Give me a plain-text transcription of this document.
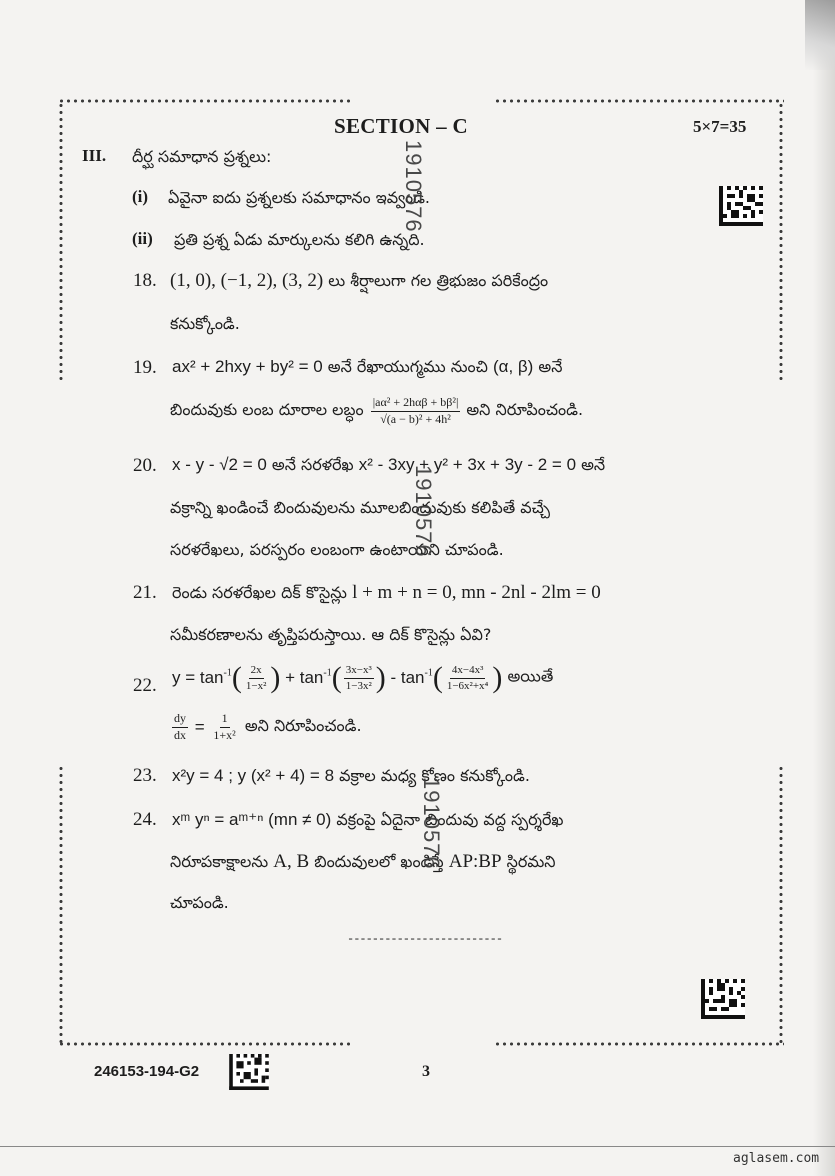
SECTION – C	5×7=35
III. దీర్ఘ సమాధాన ప్రశ్నలు:
(i) ఏవైనా ఐదు ప్రశ్నలకు సమాధానం ఇవ్వండి.
(ii) ప్రతి ప్రశ్న ఏడు మార్కులను కలిగి ఉన్నది.
18. (1, 0), (−1, 2), (3, 2) లు శీర్షాలుగా గల త్రిభుజం పరికేంద్రం
కనుక్కోండి.
19. ax² + 2hxy + by² = 0 అనే రేఖాయుగ్మము నుంచి (α, β) అనే
బిందువుకు లంబ దూరాల లబ్ధం $\frac{\text{|aα² + 2hαβ + bβ²|}}{\text{√(a − b)² + 4h²}}$ అని నిరూపించండి.
20. x - y - √2 = 0 అనే సరళరేఖ x² - 3xy + y² + 3x + 3y - 2 = 0 అనే
వక్రాన్ని ఖండించే బిందువులను మూలబిందువుకు కలిపితే వచ్చే
సరళరేఖలు, పరస్పరం లంబంగా ఉంటాయని చూపండి.
21. రెండు సరళరేఖల దిక్ కొసైన్లు l + m + n = 0, mn - 2nl - 2lm = 0
సమీకరణాలను తృప్తిపరుస్తాయి. ఆ దిక్ కొసైన్లు ఏవి?
22. $y = \tan^{-1}( \frac{2x}{\text{1−x²}}$ ) + $\tan^{-1}( \frac{\text{3x−x³}}{\text{1−3x²}}$ ) - $\tan^{-1}( \frac{\text{4x−4x³}}{\text{1−6x²+x⁴}}$ ) అయితే
$\frac{dy}{dx} = \frac{1}{\text{1+x²}}$ అని నిరూపించండి.
23. x²y = 4 ; y (x² + 4) = 8 వక్రాల మధ్య కోణం కనుక్కోండి.
24. xᵐ yⁿ = aᵐ⁺ⁿ (mn ≠ 0) వక్రంపై ఏదైనా బిందువు వద్ద స్పర్శరేఖ
నిరూపకాక్షాలను A, B బిందువులలో ఖండిస్తే AP:BP స్థిరమని
చూపండి.
1910576
1910576
1910576
-------------------------
246153-194-G2	3
aglasem.com
